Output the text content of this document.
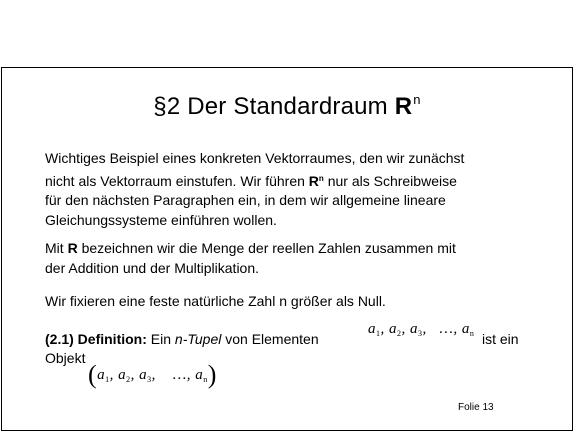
§2 Der Standardraum $R^n$
Wichtiges Beispiel eines konkreten Vektorraumes, den wir zunächst
nicht als Vektorraum einstufen. Wir führen $R^n$ nur als Schreibweise
für den nächsten Paragraphen ein, in dem wir allgemeine lineare
Gleichungssysteme einführen wollen.
Mit R bezeichnen wir die Menge der reellen Zahlen zusammen mit
der Addition und der Multiplikation.
Wir fixieren eine feste natürliche Zahl n größer als Null.
(2.1) Definition: Ein n-Tupel von Elementen
$a_1$, $a_2$, $a_3$,   …, $a_n$ ist ein
Objekt
($a_1$, $a_2$, $a_3$,    …, $a_n$)
Folie 13
